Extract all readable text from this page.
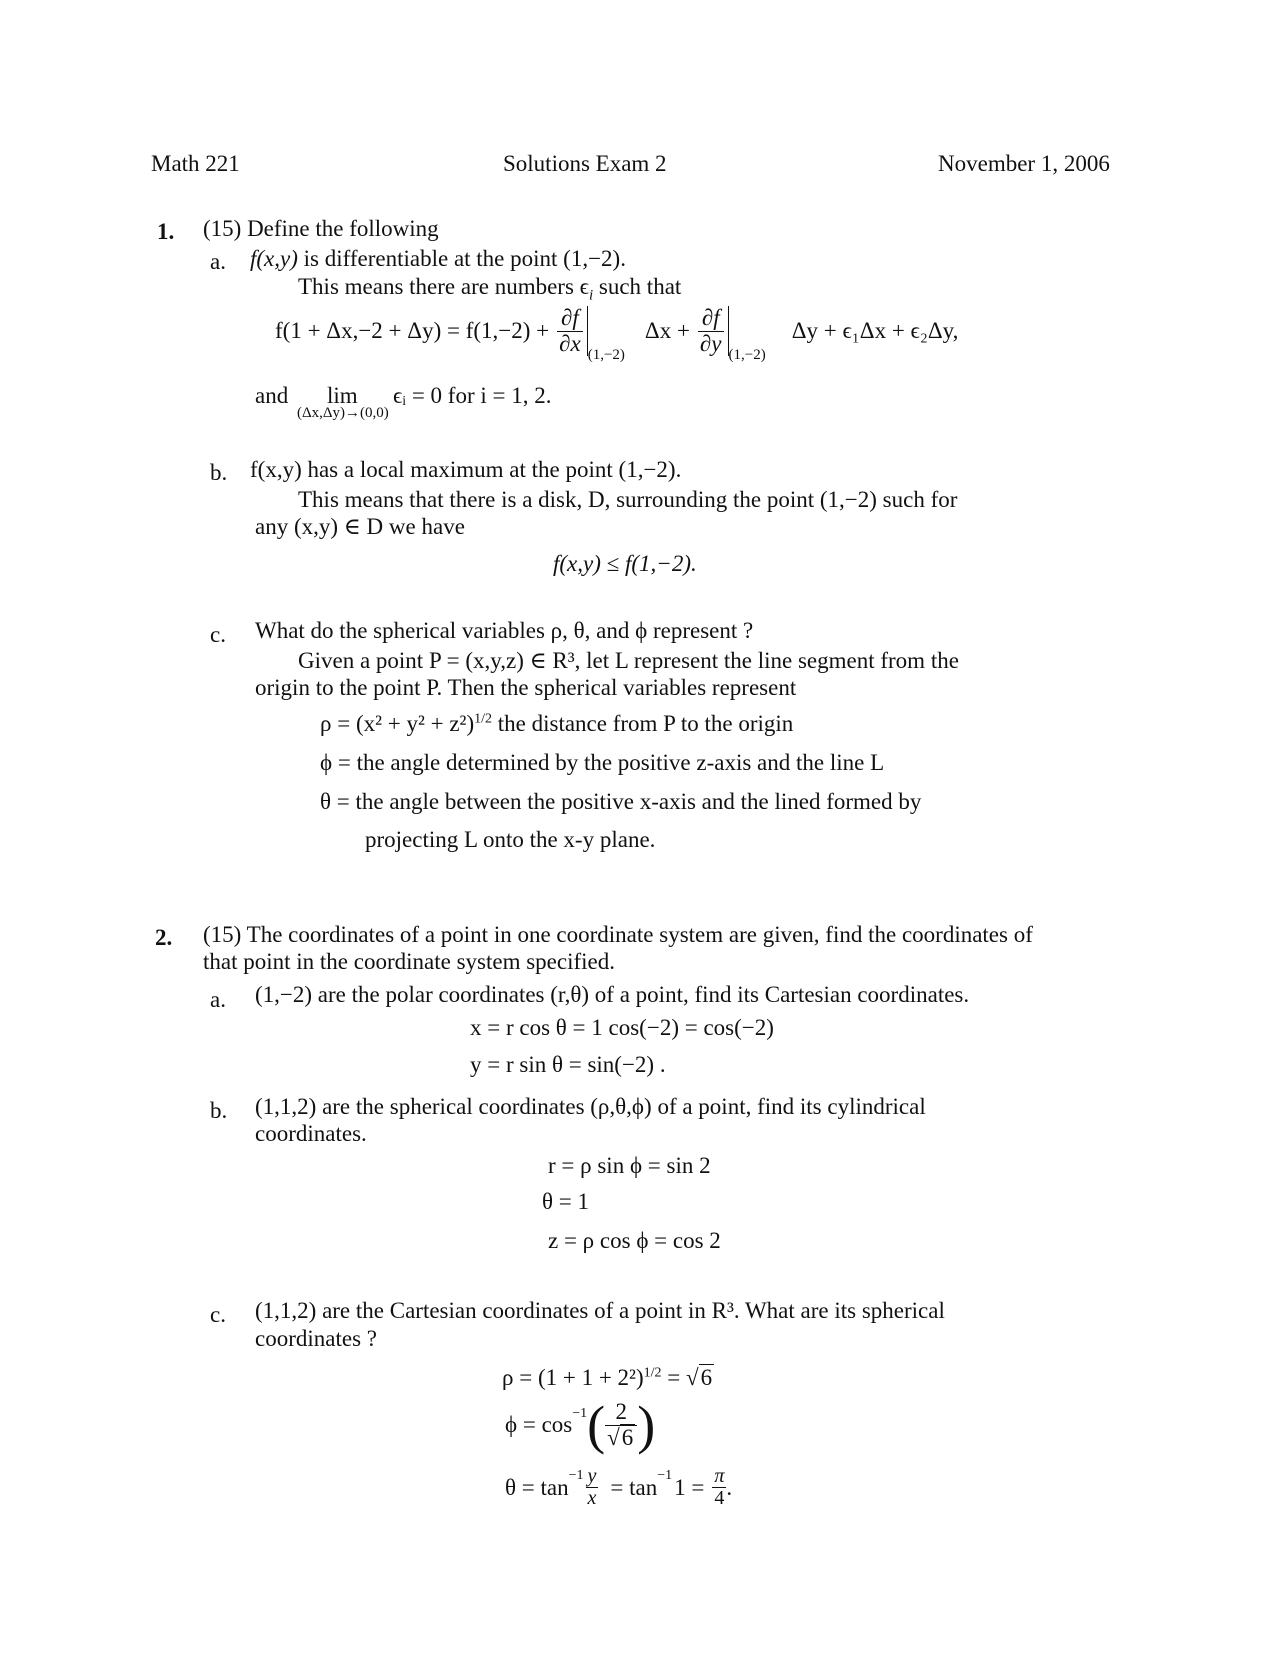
Math 221	Solutions Exam 2	November 1, 2006
1. (15) Define the following
a. f(x,y) is differentiable at the point (1,−2).
This means there are numbers $\epsilon_i$ such that
$f(1 + \Delta x,-2 + \Delta y) = f(1,-2) + \frac{\partial f}{\partial x} (1,-2)$
$\Delta x + \frac{\partial f}{\partial y} (1,-2)$
Δy + ϵ₁Δx + ϵ₂Δy,
and lim
(Δx,Δy)→(0,0)
ϵᵢ = 0 for i = 1, 2.
b. f(x,y) has a local maximum at the point (1,−2).
This means that there is a disk, D, surrounding the point (1,−2) such for
any (x,y) ∈ D we have
f(x,y) ≤ f(1,−2).
c. What do the spherical variables ρ, θ, and ϕ represent ?
Given a point P = (x,y,z) ∈ R³, let L represent the line segment from the
origin to the point P. Then the spherical variables represent
$\rho = (x^2 + y^2 + z^2)^{1/2}$ the distance from P to the origin
ϕ = the angle determined by the positive z-axis and the line L
θ = the angle between the positive x-axis and the lined formed by
projecting L onto the x-y plane.
2. (15) The coordinates of a point in one coordinate system are given, find the coordinates of
that point in the coordinate system specified.
a. (1,−2) are the polar coordinates (r,θ) of a point, find its Cartesian coordinates.
x = r cos θ = 1 cos(−2) = cos(−2)
y = r sin θ = sin(−2) .
b. (1,1,2) are the spherical coordinates (ρ,θ,ϕ) of a point, find its cylindrical
coordinates.
r = ρ sin ϕ = sin 2
θ = 1
z = ρ cos ϕ = cos 2
c. (1,1,2) are the Cartesian coordinates of a point in R³. What are its spherical
coordinates ?
$\rho = (1 + 1 + 2^2)^{1/2} = √6$
ϕ = cos −1 ( $\frac{2}{√6}$ )
$\theta = \tan -1 \frac{y}{x} = \tan -1$ $1 = \frac{\pi}{4}$ .
